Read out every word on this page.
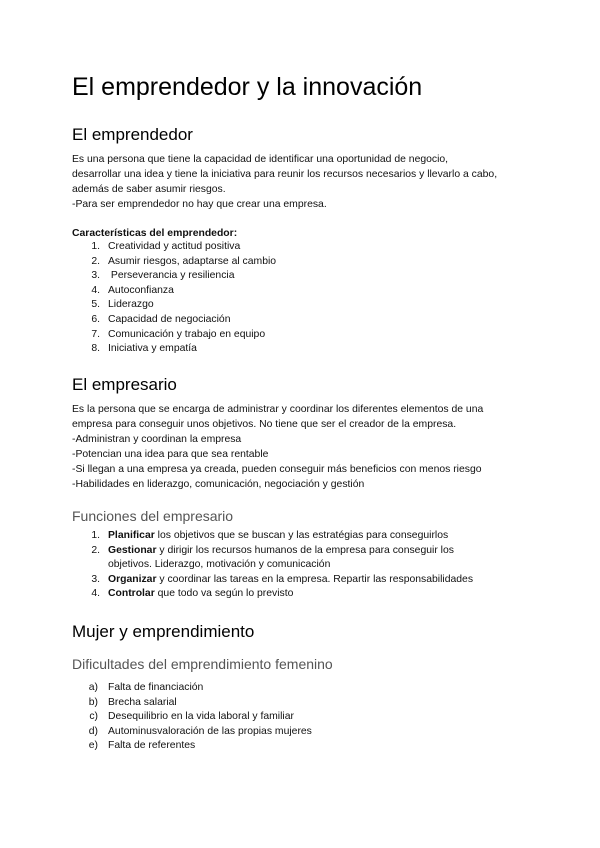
El emprendedor y la innovación
El emprendedor
Es una persona que tiene la capacidad de identificar una oportunidad de negocio,
desarrollar una idea y tiene la iniciativa para reunir los recursos necesarios y llevarlo a cabo,
además de saber asumir riesgos.
-Para ser emprendedor no hay que crear una empresa.
Características del emprendedor:
1. Creatividad y actitud positiva
2. Asumir riesgos, adaptarse al cambio
3. Perseverancia y resiliencia
4. Autoconfianza
5. Liderazgo
6. Capacidad de negociación
7. Comunicación y trabajo en equipo
8. Iniciativa y empatía
El empresario
Es la persona que se encarga de administrar y coordinar los diferentes elementos de una
empresa para conseguir unos objetivos. No tiene que ser el creador de la empresa.
-Administran y coordinan la empresa
-Potencian una idea para que sea rentable
-Si llegan a una empresa ya creada, pueden conseguir más beneficios con menos riesgo
-Habilidades en liderazgo, comunicación, negociación y gestión
Funciones del empresario
1. Planificar los objetivos que se buscan y las estratégias para conseguirlos
2. Gestionar y dirigir los recursos humanos de la empresa para conseguir los
objetivos. Liderazgo, motivación y comunicación
3. Organizar y coordinar las tareas en la empresa. Repartir las responsabilidades
4. Controlar que todo va según lo previsto
Mujer y emprendimiento
Dificultades del emprendimiento femenino
a) Falta de financiación
b) Brecha salarial
c) Desequilibrio en la vida laboral y familiar
d) Autominusvaloración de las propias mujeres
e) Falta de referentes
